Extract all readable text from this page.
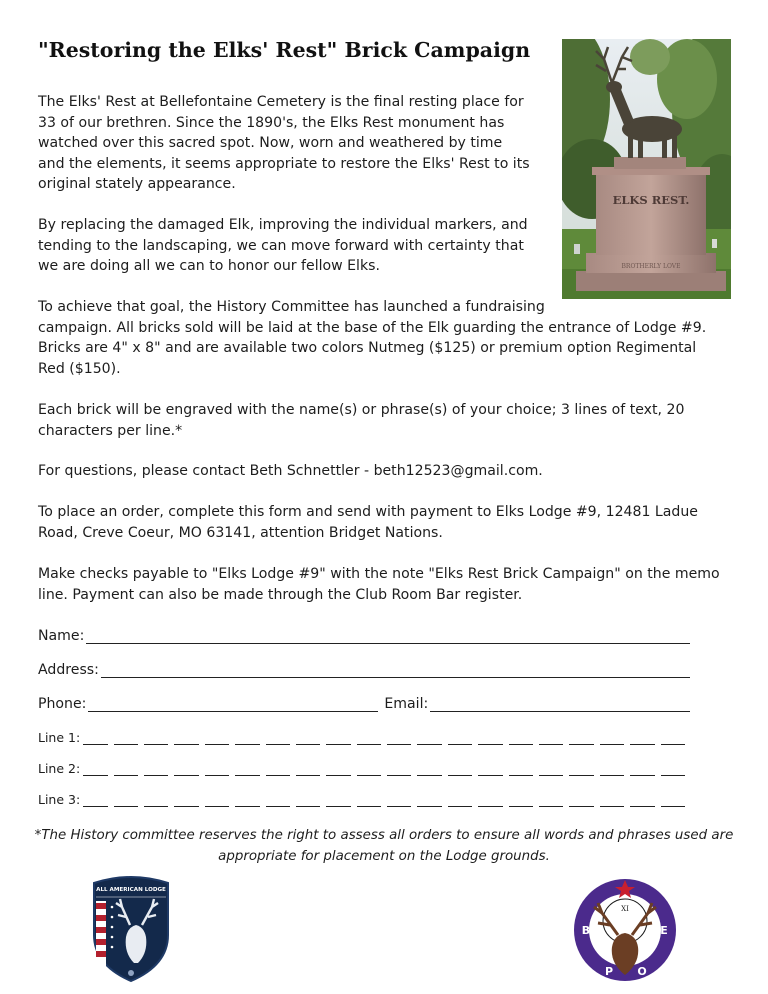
"Restoring the Elks' Rest" Brick Campaign
The Elks' Rest at Bellefontaine Cemetery is the final resting place for
33 of our brethren. Since the 1890's, the Elks Rest monument has
watched over this sacred spot. Now, worn and weathered by time
and the elements, it seems appropriate to restore the Elks' Rest to its
original stately appearance.
By replacing the damaged Elk, improving the individual markers, and
tending to the landscaping, we can move forward with certainty that
we are doing all we can to honor our fellow Elks.
To achieve that goal, the History Committee has launched a fundraising
campaign. All bricks sold will be laid at the base of the Elk guarding the entrance of Lodge #9.
Bricks are 4" x 8" and are available two colors Nutmeg ($125) or premium option Regimental
Red ($150).
Each brick will be engraved with the name(s) or phrase(s) of your choice; 3 lines of text, 20
characters per line.*
For questions, please contact Beth Schnettler - beth12523@gmail.com.
To place an order, complete this form and send with payment to Elks Lodge #9, 12481 Ladue
Road, Creve Coeur, MO 63141, attention Bridget Nations.
Make checks payable to "Elks Lodge #9" with the note "Elks Rest Brick Campaign" on the memo
line. Payment can also be made through the Club Room Bar register.
BROTHERLY LOVE
ELKS REST.
Name:
Address:
Phone:	Email:
Line 1:
Line 2:
Line 3:
*The History committee reserves the right to assess all orders to ensure all words and phrases used are
appropriate for placement on the Lodge grounds.
ALL AMERICAN LODGE
XI
B
P O
E
